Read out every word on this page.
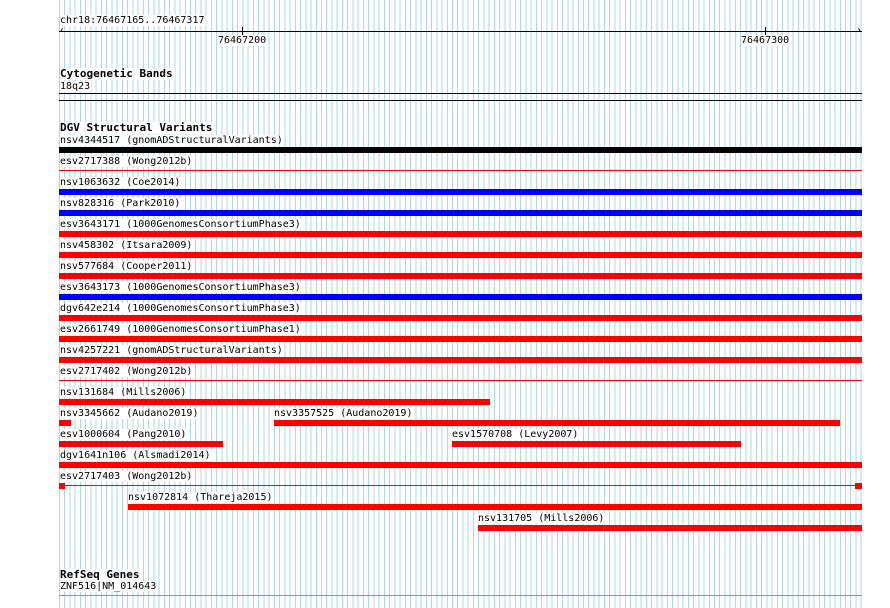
chr18:76467165..76467317
‹	›
76467200	76467300
Cytogenetic Bands
18q23
DGV Structural Variants
nsv4344517 (gnomADStructuralVariants)
esv2717388 (Wong2012b)
nsv1063632 (Coe2014)
nsv828316 (Park2010)
esv3643171 (1000GenomesConsortiumPhase3)
nsv458302 (Itsara2009)
nsv577684 (Cooper2011)
esv3643173 (1000GenomesConsortiumPhase3)
dgv642e214 (1000GenomesConsortiumPhase3)
esv2661749 (1000GenomesConsortiumPhase1)
nsv4257221 (gnomADStructuralVariants)
esv2717402 (Wong2012b)
nsv131684 (Mills2006)
nsv3345662 (Audano2019)	nsv3357525 (Audano2019)
esv1000604 (Pang2010)	esv1570708 (Levy2007)
dgv1641n106 (Alsmadi2014)
esv2717403 (Wong2012b)
nsv1072814 (Thareja2015)
nsv131705 (Mills2006)
RefSeq Genes
ZNF516|NM_014643
